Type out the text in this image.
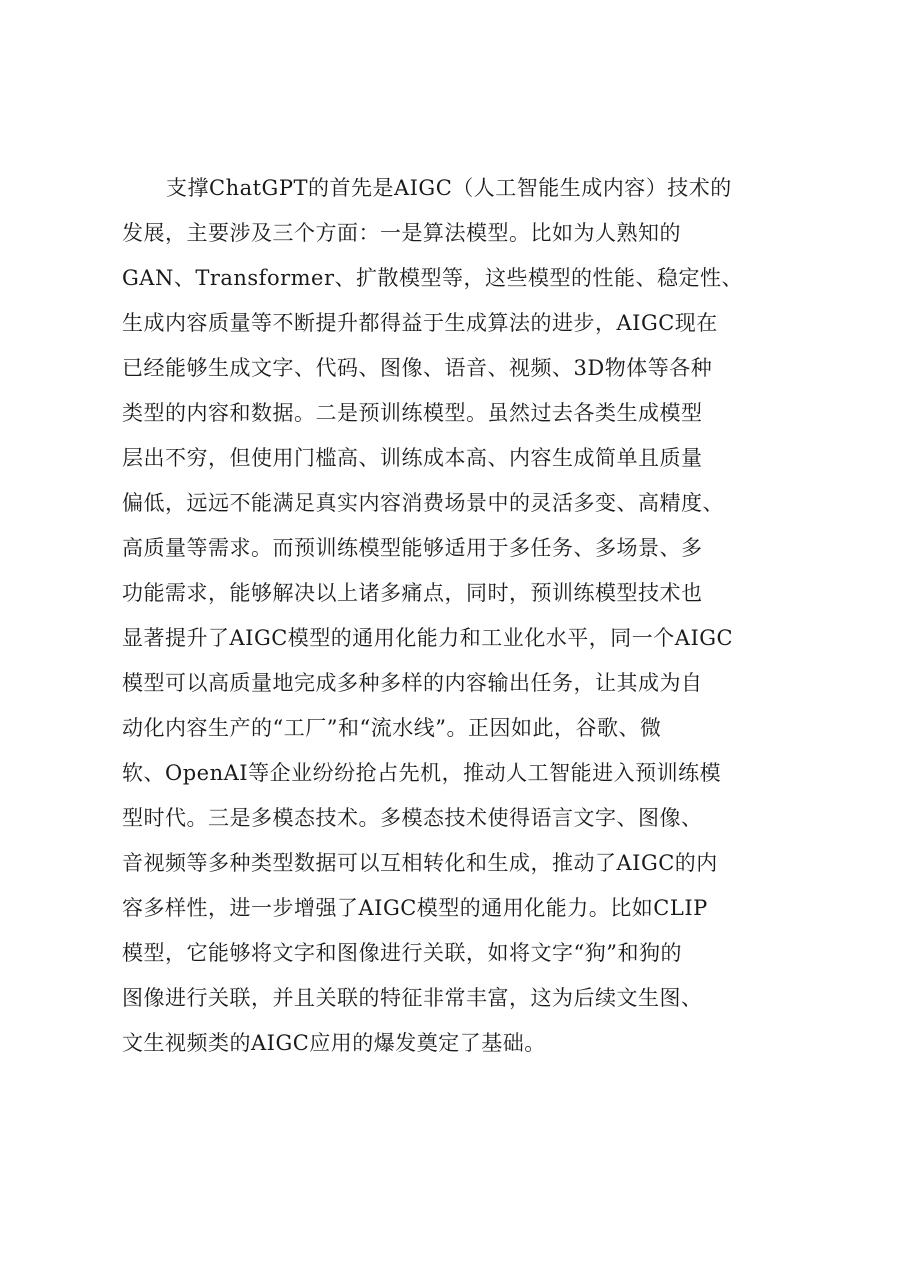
支撑ChatGPT的首先是AIGC（人工智能生成内容）技术的
发展，主要涉及三个方面：一是算法模型。比如为人熟知的
GAN、Transformer、扩散模型等，这些模型的性能、稳定性、
生成内容质量等不断提升都得益于生成算法的进步，AIGC现在
已经能够生成文字、代码、图像、语音、视频、3D物体等各种
类型的内容和数据。二是预训练模型。虽然过去各类生成模型
层出不穷，但使用门槛高、训练成本高、内容生成简单且质量
偏低，远远不能满足真实内容消费场景中的灵活多变、高精度、
高质量等需求。而预训练模型能够适用于多任务、多场景、多
功能需求，能够解决以上诸多痛点，同时，预训练模型技术也
显著提升了AIGC模型的通用化能力和工业化水平，同一个AIGC
模型可以高质量地完成多种多样的内容输出任务，让其成为自
动化内容生产的“工厂”和“流水线”。正因如此，谷歌、微
软、OpenAI等企业纷纷抢占先机，推动人工智能进入预训练模
型时代。三是多模态技术。多模态技术使得语言文字、图像、
音视频等多种类型数据可以互相转化和生成，推动了AIGC的内
容多样性，进一步增强了AIGC模型的通用化能力。比如CLIP
模型，它能够将文字和图像进行关联，如将文字“狗”和狗的
图像进行关联，并且关联的特征非常丰富，这为后续文生图、
文生视频类的AIGC应用的爆发奠定了基础。
